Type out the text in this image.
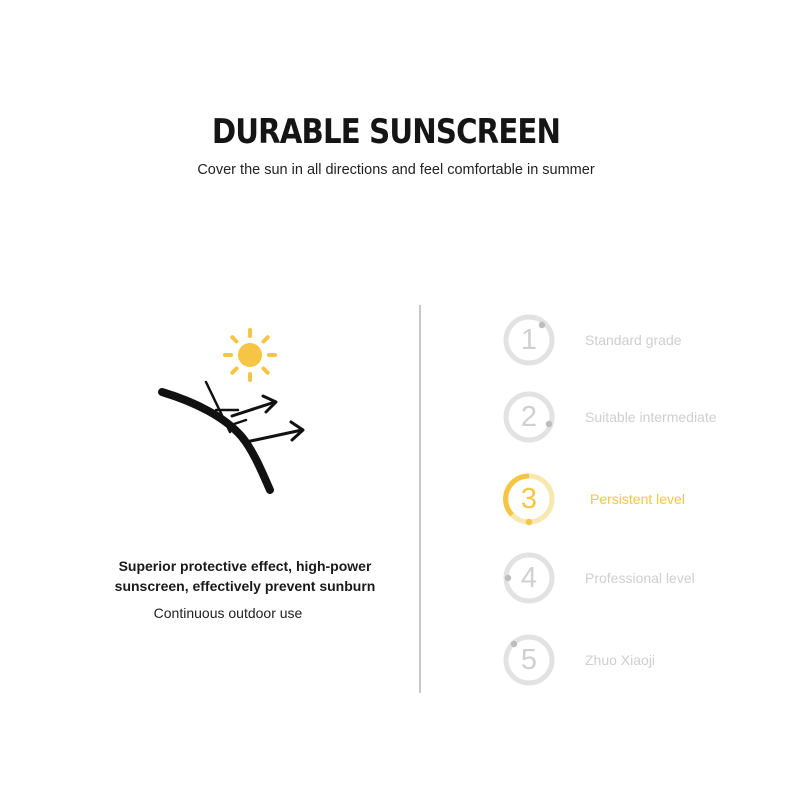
DURABLE SUNSCREEN
Cover the sun in all directions and feel comfortable in summer
Superior protective effect, high-power
sunscreen, effectively prevent sunburn
Continuous outdoor use
1	Standard grade
2	Suitable intermediate
3	Persistent level
4	Professional level
5	Zhuo Xiaoji
